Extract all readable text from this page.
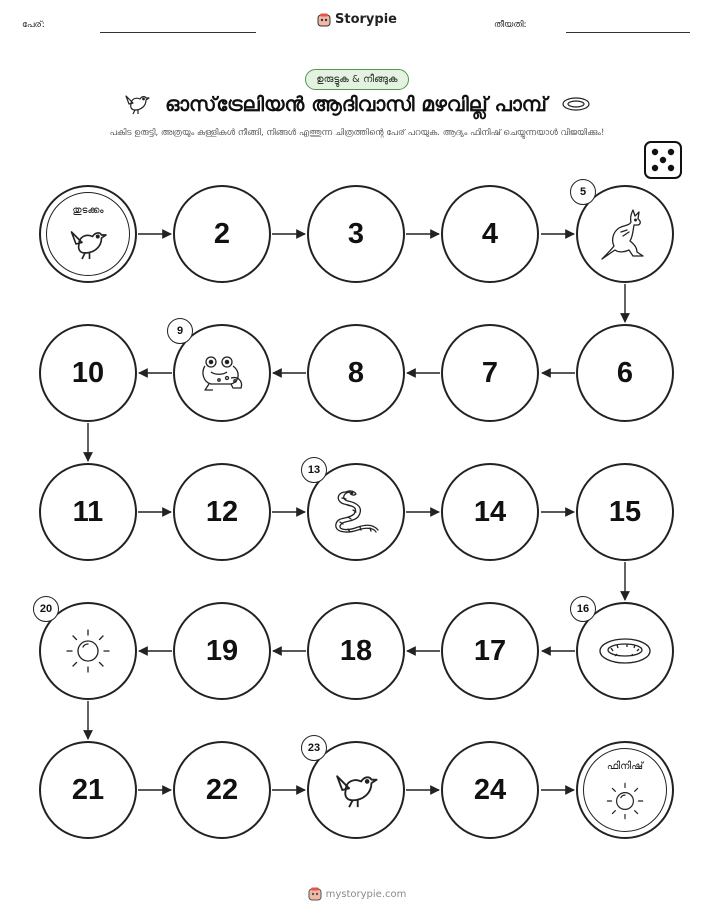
പേര്:	Storypie	തീയതി:
ഉരുട്ടുക & നീങ്ങുക
ഓസ്‌ട്രേലിയൻ ആദിവാസി മഴവില്ല് പാമ്പ്
പകിട ഉരുട്ടി, അത്രയും കള്ളികൾ നീങ്ങി, നിങ്ങൾ എത്തുന്ന ചിത്രത്തിന്റെ പേര് പറയുക. ആദ്യം ഫിനിഷ് ചെയ്യുന്നയാൾ വിജയിക്കും!
തുടക്കം
2	3	4
5
10
9
8	7	6
11	12
13
14	15
20
19	18	17
16
21	22
23
24
ഫിനിഷ്
mystorypie.com
